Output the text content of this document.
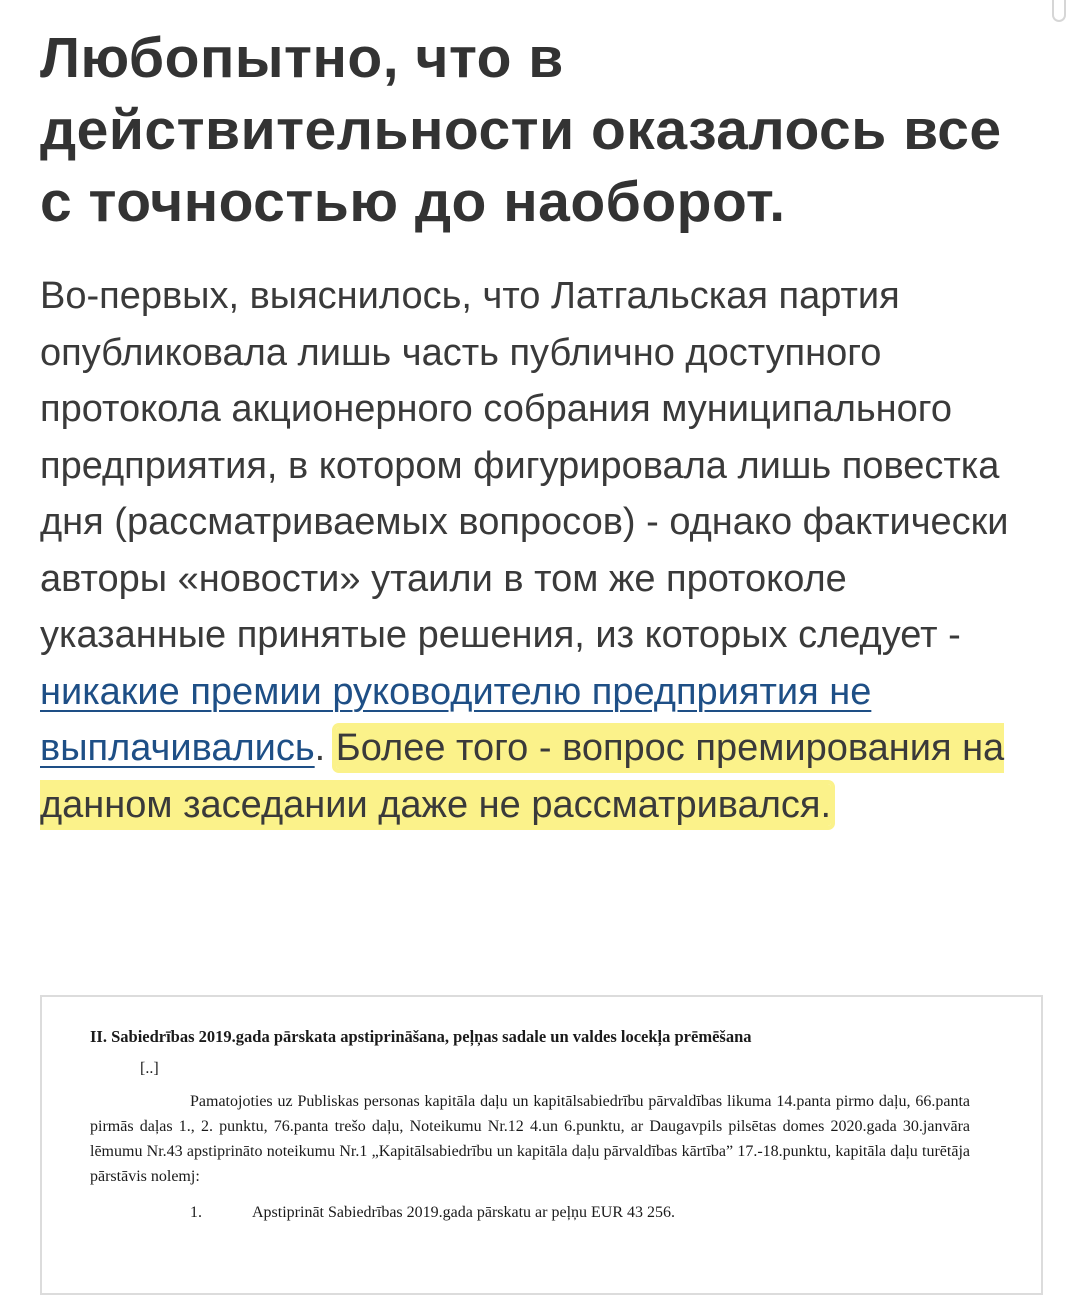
Любопытно, что в действительности оказалось все с точностью до наоборот.

Во-первых, выяснилось, что Латгальская партия опубликовала лишь часть публично доступного протокола акционерного собрания муниципального предприятия, в котором фигурировала лишь повестка дня (рассматриваемых вопросов) - однако фактически авторы «новости» утаили в том же протоколе указанные принятые решения, из которых следует - никакие премии руководителю предприятия не выплачивались. Более того - вопрос премирования на данном заседании даже не рассматривался.

II. Sabiedrības 2019.gada pārskata apstiprināšana, peļņas sadale un valdes locekļa prēmēšana

[..]

Pamatojoties uz Publiskas personas kapitāla daļu un kapitālsabiedrību pārvaldības likuma 14.panta pirmo daļu, 66.panta pirmās daļas 1., 2. punktu, 76.panta trešo daļu, Noteikumu Nr.12 4.un 6.punktu, ar Daugavpils pilsētas domes 2020.gada 30.janvāra lēmumu Nr.43 apstiprināto noteikumu Nr.1 „Kapitālsabiedrību un kapitāla daļu pārvaldības kārtība” 17.-18.punktu, kapitāla daļu turētāja pārstāvis nolemj:

1.	Apstiprināt Sabiedrības 2019.gada pārskatu ar peļņu EUR 43 256.
